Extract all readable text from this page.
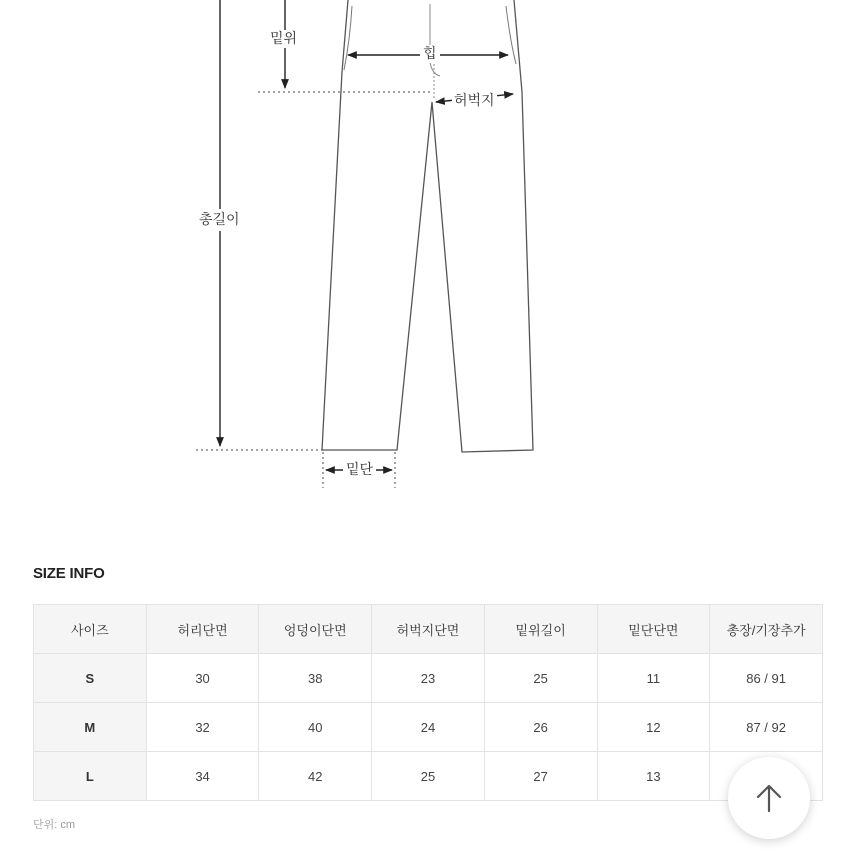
밑위
힙
허벅지
총길이
밑단
SIZE INFO
사이즈	허리단면	엉덩이단면	허벅지단면	밑위길이	밑단단면	총장/기장추가
S	30	38	23	25	11	86 / 91
M	32	40	24	26	12	87 / 92
L	34	42	25	27	13	
단위: cm
